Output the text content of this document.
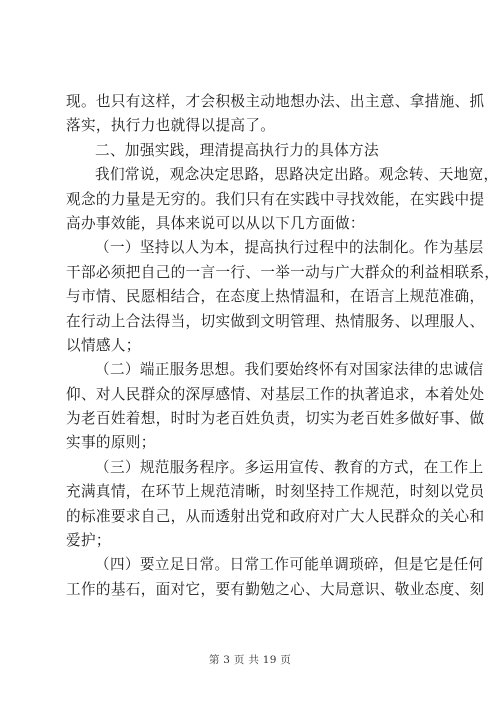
现。也只有这样，才会积极主动地想办法、出主意、拿措施、抓
落实，执行力也就得以提高了。
二、加强实践，理清提高执行力的具体方法
我们常说，观念决定思路，思路决定出路。观念转、天地宽，
观念的力量是无穷的。我们只有在实践中寻找效能，在实践中提
高办事效能，具体来说可以从以下几方面做：
（一）坚持以人为本，提高执行过程中的法制化。作为基层
干部必须把自己的一言一行、一举一动与广大群众的利益相联系，
与市情、民愿相结合，在态度上热情温和，在语言上规范准确，
在行动上合法得当，切实做到文明管理、热情服务、以理服人、
以情感人；
（二）端正服务思想。我们要始终怀有对国家法律的忠诚信
仰、对人民群众的深厚感情、对基层工作的执著追求，本着处处
为老百姓着想，时时为老百姓负责，切实为老百姓多做好事、做
实事的原则；
（三）规范服务程序。多运用宣传、教育的方式，在工作上
充满真情，在环节上规范清晰，时刻坚持工作规范，时刻以党员
的标准要求自己，从而透射出党和政府对广大人民群众的关心和
爱护；
（四）要立足日常。日常工作可能单调琐碎，但是它是任何
工作的基石，面对它，要有勤勉之心、大局意识、敬业态度、刻
第 3 页 共 19 页
